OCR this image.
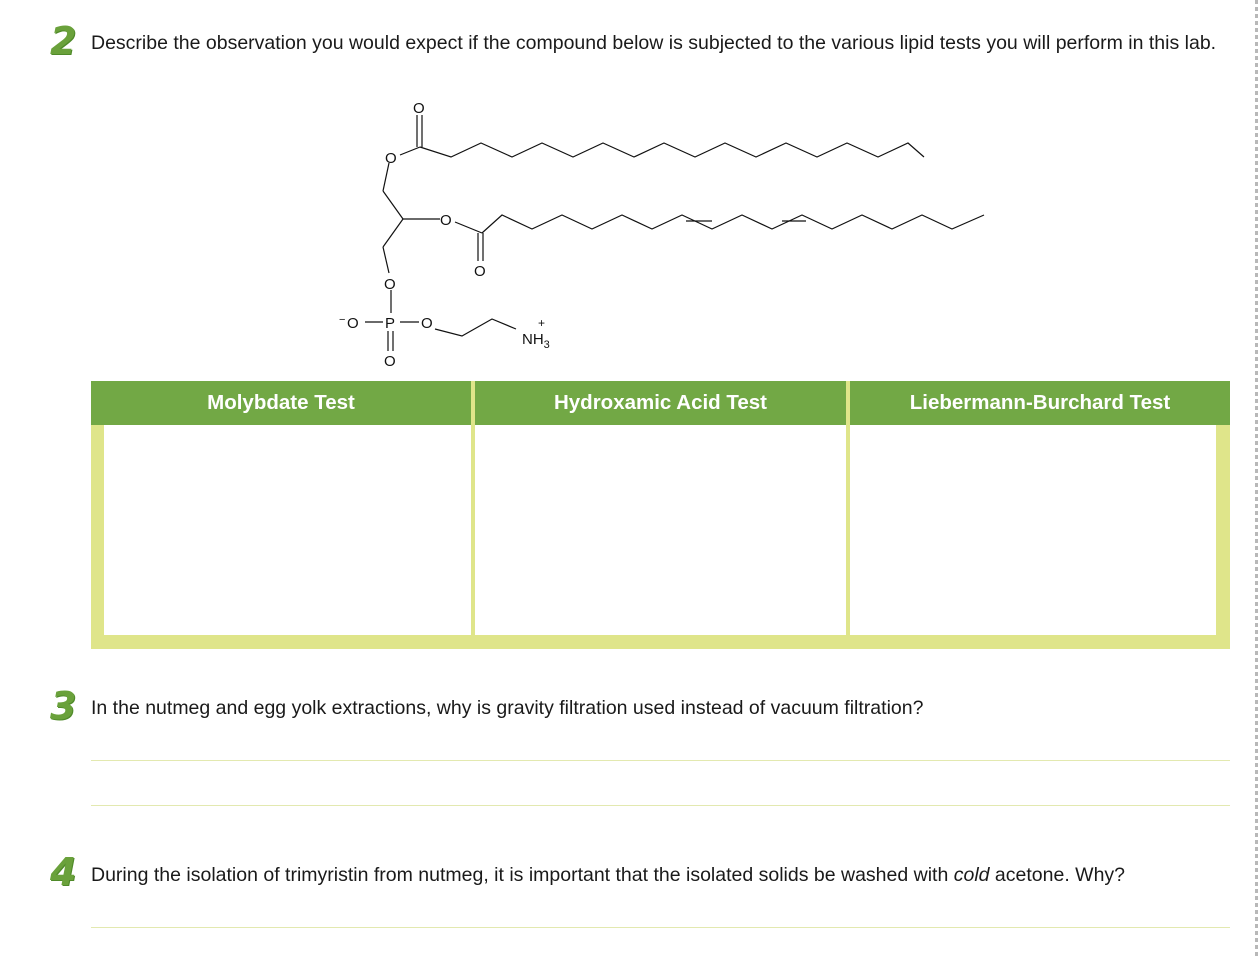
2 Describe the observation you would expect if the compound below is subjected to the various lipid tests you will perform in this lab.
O
O
O
O
O
− O P O
O
+
$NH_3$
Molybdate Test	Hydroxamic Acid Test	Liebermann-Burchard Test
3 In the nutmeg and egg yolk extractions, why is gravity filtration used instead of vacuum filtration?
4 During the isolation of trimyristin from nutmeg, it is important that the isolated solids be washed with cold acetone. Why?
